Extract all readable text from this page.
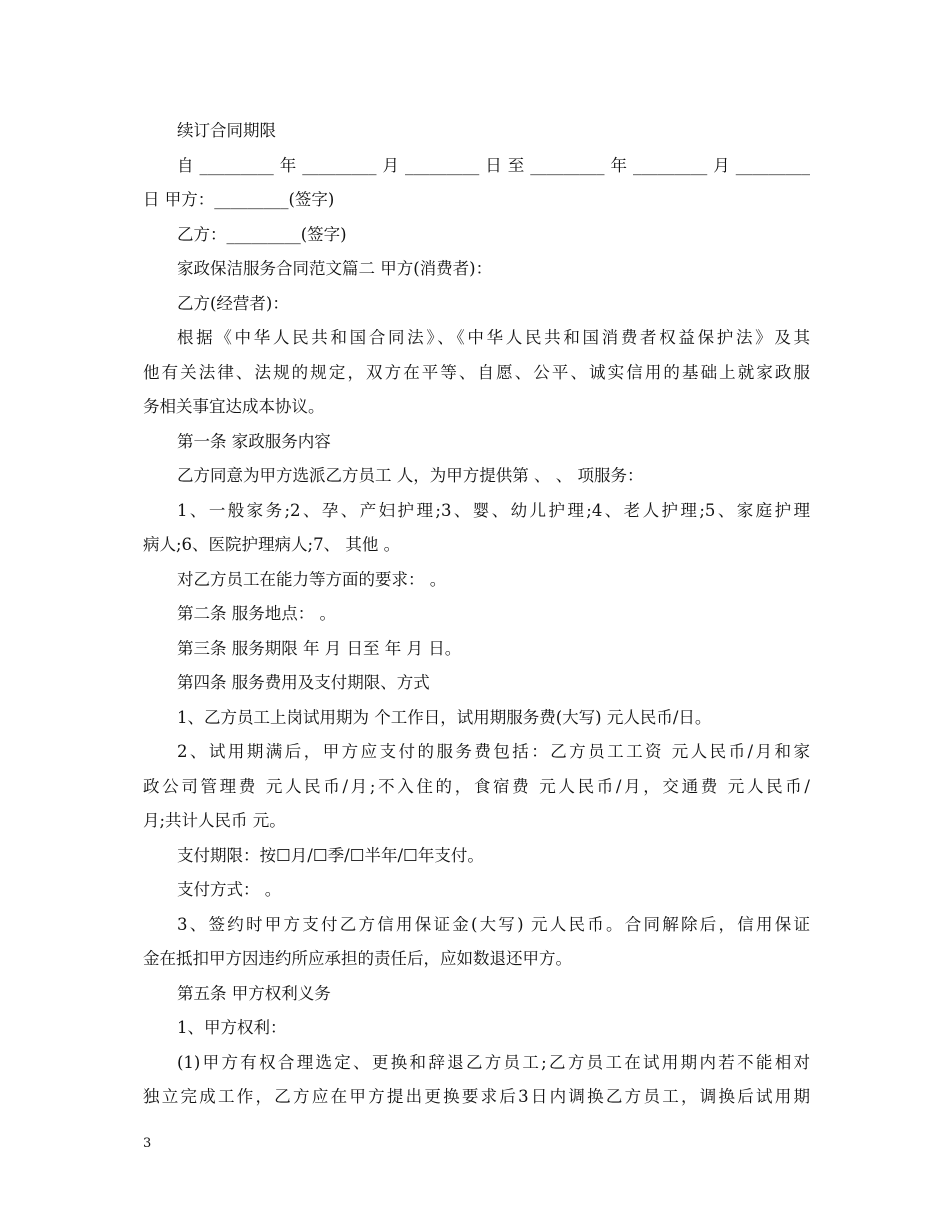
续订合同期限
自_________年_________月_________日至_________年_________月_________
日 甲方：_________(签字)
乙方：_________(签字)
家政保洁服务合同范文篇二 甲方(消费者)：
乙方(经营者)：
根据《中华人民共和国合同法》、《中华人民共和国消费者权益保护法》及其
他有关法律、法规的规定，双方在平等、自愿、公平、诚实信用的基础上就家政服
务相关事宜达成本协议。
第一条 家政服务内容
乙方同意为甲方选派乙方员工 人，为甲方提供第 、 、 项服务：
1、一般家务;2、孕、产妇护理;3、婴、幼儿护理;4、老人护理;5、家庭护理
病人;6、医院护理病人;7、 其他 。
对乙方员工在能力等方面的要求： 。
第二条 服务地点： 。
第三条 服务期限 年 月 日至 年 月 日。
第四条 服务费用及支付期限、方式
1、乙方员工上岗试用期为 个工作日，试用期服务费(大写) 元人民币/日。
2、试用期满后，甲方应支付的服务费包括：乙方员工工资 元人民币/月和家
政公司管理费 元人民币/月;不入住的，食宿费 元人民币/月，交通费 元人民币/
月;共计人民币 元。
支付期限：按☐月/☐季/☐半年/☐年支付。
支付方式： 。
3、签约时甲方支付乙方信用保证金(大写) 元人民币。合同解除后，信用保证
金在抵扣甲方因违约所应承担的责任后，应如数退还甲方。
第五条 甲方权利义务
1、甲方权利：
(1)甲方有权合理选定、更换和辞退乙方员工;乙方员工在试用期内若不能相对
独立完成工作，乙方应在甲方提出更换要求后3日内调换乙方员工，调换后试用期
3
